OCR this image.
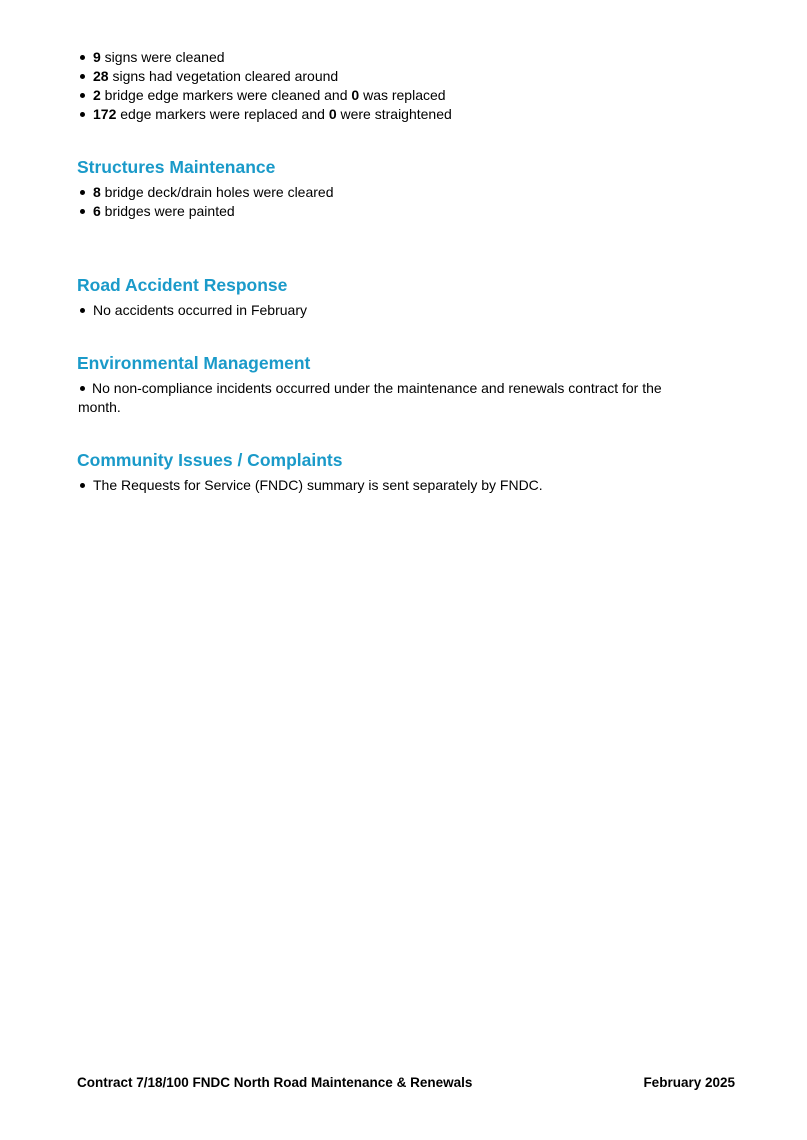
9 signs were cleaned
28 signs had vegetation cleared around
2 bridge edge markers were cleaned and 0 was replaced
172 edge markers were replaced and 0 were straightened
Structures Maintenance
8 bridge deck/drain holes were cleared
6 bridges were painted
Road Accident Response
No accidents occurred in February
Environmental Management
No non-compliance incidents occurred under the maintenance and renewals contract for the
month.
Community Issues / Complaints
The Requests for Service (FNDC) summary is sent separately by FNDC.
Contract 7/18/100 FNDC North Road Maintenance & Renewals	February 2025
